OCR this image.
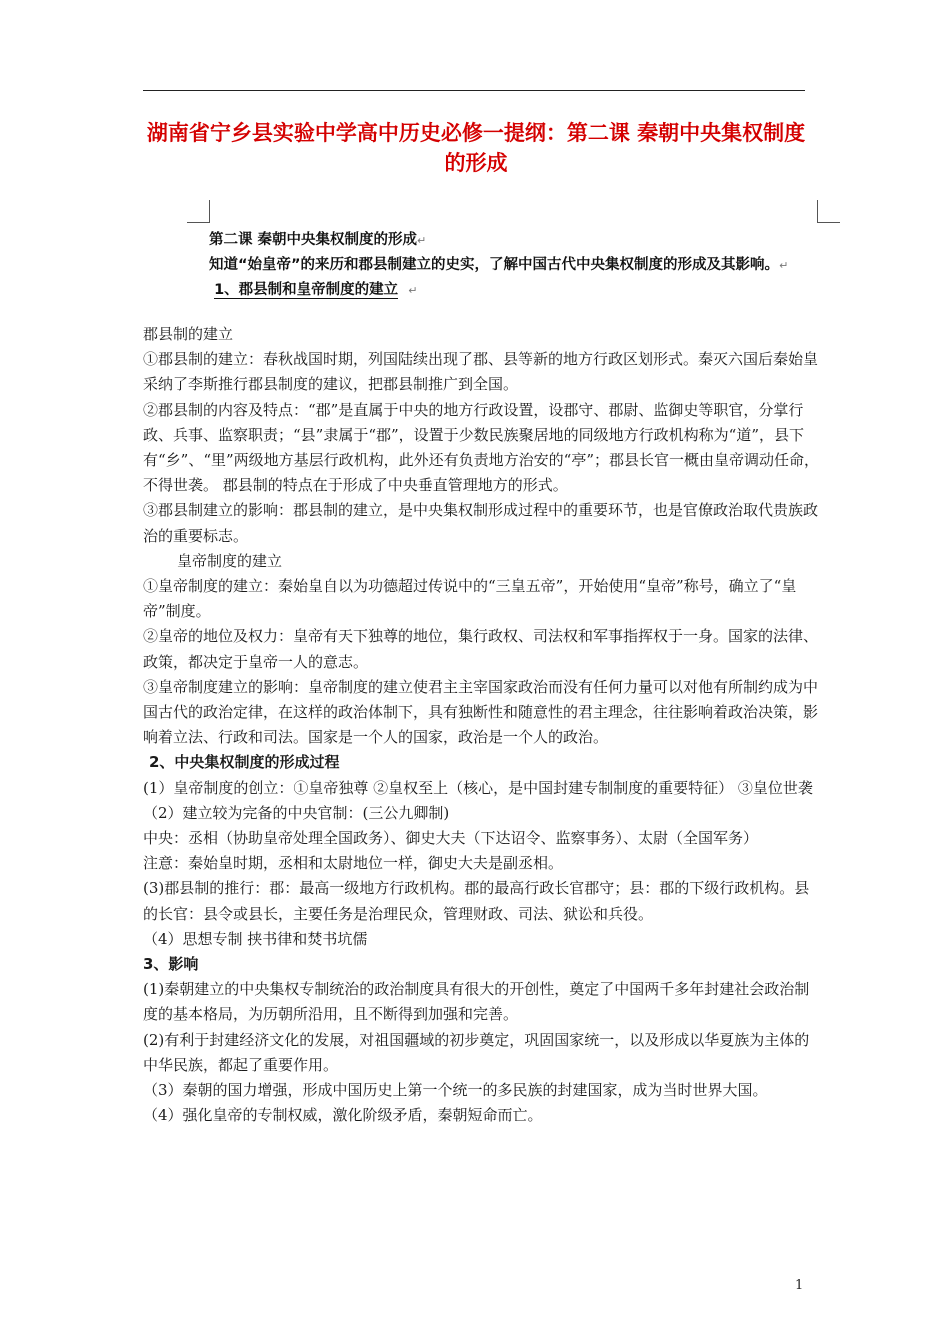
湖南省宁乡县实验中学高中历史必修一提纲：第二课 秦朝中央集权制度的形成
第二课 秦朝中央集权制度的形成↵
知道“始皇帝”的来历和郡县制建立的史实，了解中国古代中央集权制度的形成及其影响。↵
1、郡县制和皇帝制度的建立 ↵

郡县制的建立

①郡县制的建立：春秋战国时期，列国陆续出现了郡、县等新的地方行政区划形式。秦灭六国后秦始皇采纳了李斯推行郡县制度的建议，把郡县制推广到全国。

②郡县制的内容及特点：“郡”是直属于中央的地方行政设置，设郡守、郡尉、监御史等职官，分掌行政、兵事、监察职责；“县”隶属于“郡”，设置于少数民族聚居地的同级地方行政机构称为“道”，县下有“乡”、“里”两级地方基层行政机构，此外还有负责地方治安的“亭”；郡县长官一概由皇帝调动任命，不得世袭。 郡县制的特点在于形成了中央垂直管理地方的形式。

③郡县制建立的影响：郡县制的建立，是中央集权制形成过程中的重要环节，也是官僚政治取代贵族政治的重要标志。

皇帝制度的建立

①皇帝制度的建立：秦始皇自以为功德超过传说中的“三皇五帝”，开始使用“皇帝”称号，确立了“皇帝”制度。

②皇帝的地位及权力：皇帝有天下独尊的地位，集行政权、司法权和军事指挥权于一身。国家的法律、政策，都决定于皇帝一人的意志。

③皇帝制度建立的影响：皇帝制度的建立使君主主宰国家政治而没有任何力量可以对他有所制约成为中国古代的政治定律，在这样的政治体制下，具有独断性和随意性的君主理念，往往影响着政治决策，影响着立法、行政和司法。国家是一个人的国家，政治是一个人的政治。

2、中央集权制度的形成过程

(1）皇帝制度的创立：①皇帝独尊 ②皇权至上（核心，是中国封建专制制度的重要特征） ③皇位世袭

（2）建立较为完备的中央官制：(三公九卿制)

中央：丞相（协助皇帝处理全国政务）、御史大夫（下达诏令、监察事务）、太尉（全国军务）

注意：秦始皇时期，丞相和太尉地位一样，御史大夫是副丞相。

(3)郡县制的推行：郡：最高一级地方行政机构。郡的最高行政长官郡守；县：郡的下级行政机构。县的长官：县令或县长，主要任务是治理民众，管理财政、司法、狱讼和兵役。

（4）思想专制 挟书律和焚书坑儒

3、影响

(1)秦朝建立的中央集权专制统治的政治制度具有很大的开创性，奠定了中国两千多年封建社会政治制度的基本格局，为历朝所沿用，且不断得到加强和完善。

(2)有利于封建经济文化的发展，对祖国疆域的初步奠定，巩固国家统一，以及形成以华夏族为主体的中华民族，都起了重要作用。

（3）秦朝的国力增强，形成中国历史上第一个统一的多民族的封建国家，成为当时世界大国。

（4）强化皇帝的专制权威，激化阶级矛盾，秦朝短命而亡。

1
